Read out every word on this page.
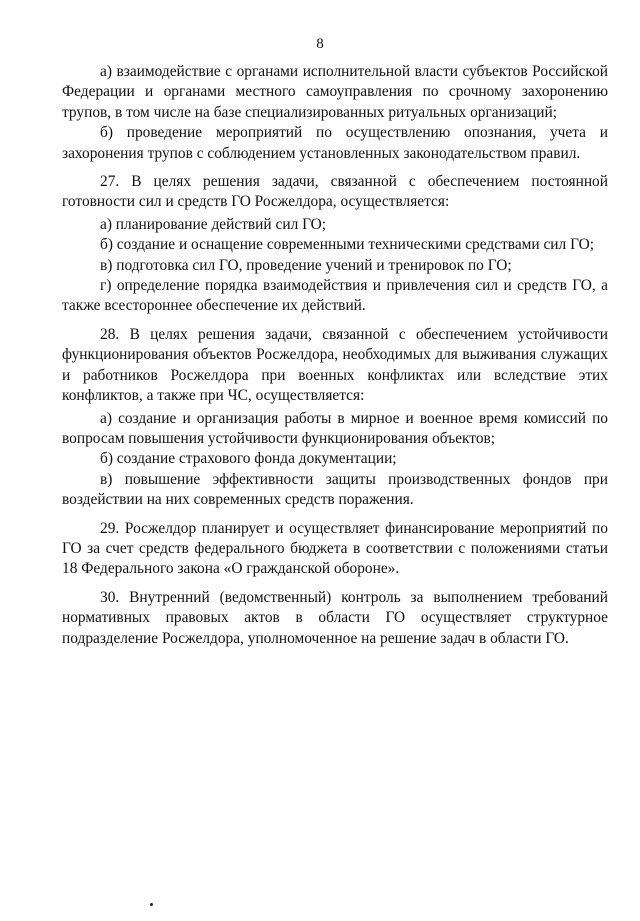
8

а) взаимодействие с органами исполнительной власти субъектов Российской Федерации и органами местного самоуправления по срочному захоронению трупов, в том числе на базе специализированных ритуальных организаций;

б) проведение мероприятий по осуществлению опознания, учета и захоронения трупов с соблюдением установленных законодательством правил.

27. В целях решения задачи, связанной с обеспечением постоянной готовности сил и средств ГО Росжелдора, осуществляется:

а) планирование действий сил ГО;

б) создание и оснащение современными техническими средствами сил ГО;

в) подготовка сил ГО, проведение учений и тренировок по ГО;

г) определение порядка взаимодействия и привлечения сил и средств ГО, а также всестороннее обеспечение их действий.

28. В целях решения задачи, связанной с обеспечением устойчивости функционирования объектов Росжелдора, необходимых для выживания служащих и работников Росжелдора при военных конфликтах или вследствие этих конфликтов, а также при ЧС, осуществляется:

а) создание и организация работы в мирное и военное время комиссий по вопросам повышения устойчивости функционирования объектов;

б) создание страхового фонда документации;

в) повышение эффективности защиты производственных фондов при воздействии на них современных средств поражения.

29. Росжелдор планирует и осуществляет финансирование мероприятий по ГО за счет средств федерального бюджета в соответствии с положениями статьи 18 Федерального закона «О гражданской обороне».

30. Внутренний (ведомственный) контроль за выполнением требований нормативных правовых актов в области ГО осуществляет структурное подразделение Росжелдора, уполномоченное на решение задач в области ГО.
